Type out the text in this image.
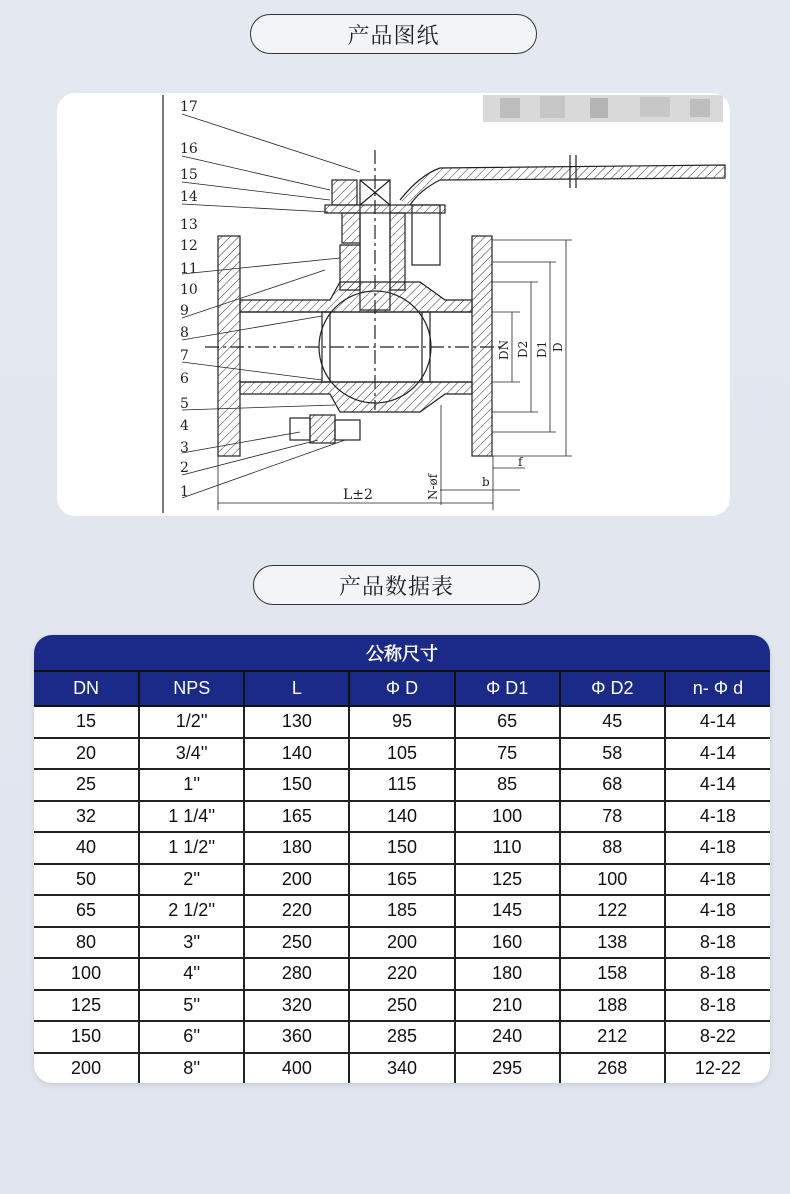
产品图纸
17
16
15
14
13
12
11
10
9
8
7
6
5
4
3
2
1	L±2
b
f
DN D2 D1 D
N-øf
产品数据表
公称尺寸
DN	NPS	L	Φ D	Φ D1	Φ D2	n- Φ d
15	1/2''	130	95	65	45	4-14
20	3/4''	140	105	75	58	4-14
25	1''	150	115	85	68	4-14
32	1 1/4''	165	140	100	78	4-18
40	1 1/2''	180	150	110	88	4-18
50	2''	200	165	125	100	4-18
65	2 1/2''	220	185	145	122	4-18
80	3''	250	200	160	138	8-18
100	4''	280	220	180	158	8-18
125	5''	320	250	210	188	8-18
150	6''	360	285	240	212	8-22
200	8''	400	340	295	268	12-22
